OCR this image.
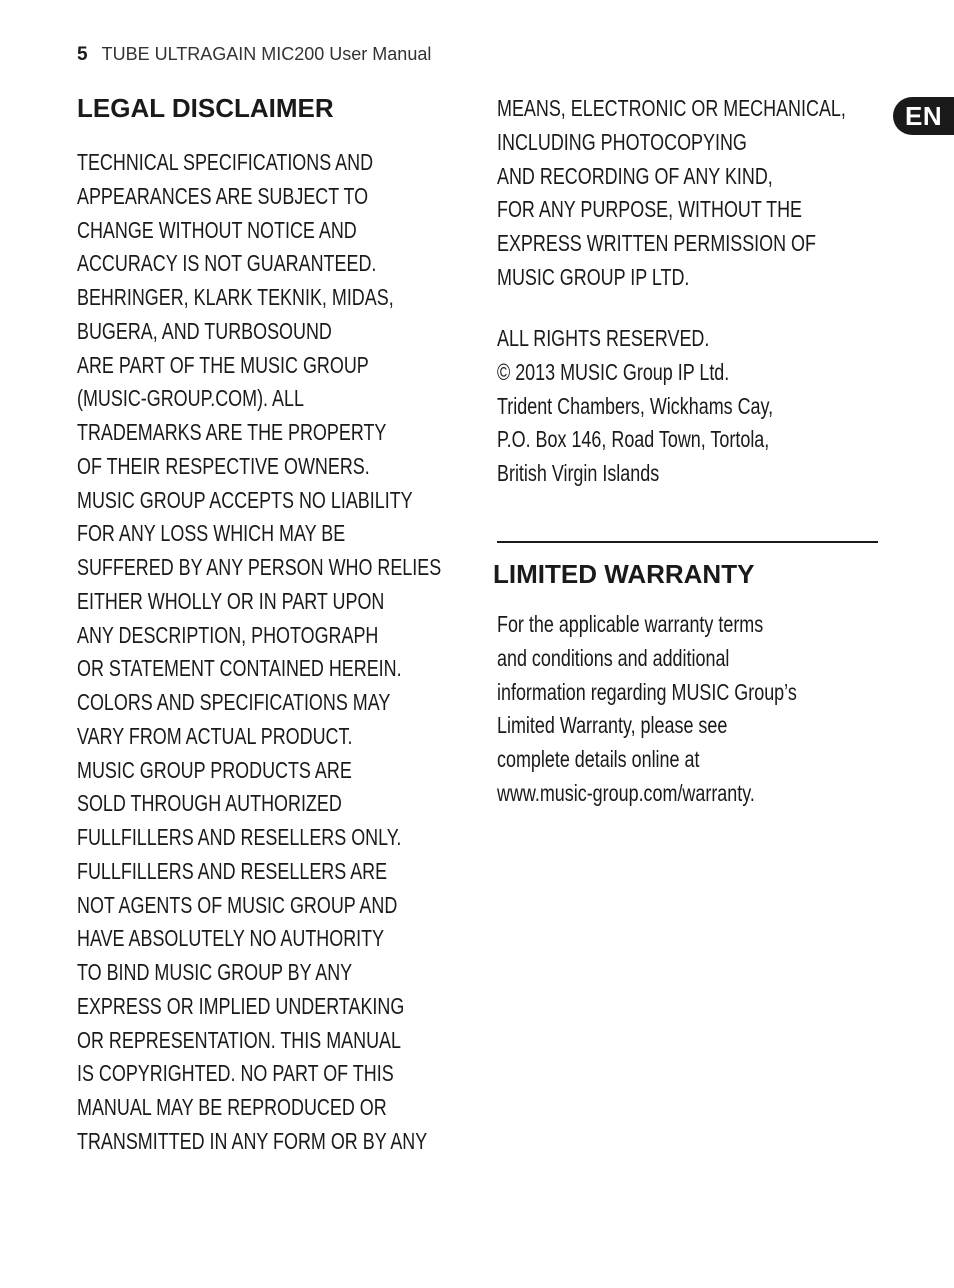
5 TUBE ULTRAGAIN MIC200 User Manual
EN
LEGAL DISCLAIMER
TECHNICAL SPECIFICATIONS AND
APPEARANCES ARE SUBJECT TO
CHANGE WITHOUT NOTICE AND
ACCURACY IS NOT GUARANTEED.
BEHRINGER, KLARK TEKNIK, MIDAS,
BUGERA, AND TURBOSOUND
ARE PART OF THE MUSIC GROUP
(MUSIC-GROUP.COM). ALL
TRADEMARKS ARE THE PROPERTY
OF THEIR RESPECTIVE OWNERS.
MUSIC GROUP ACCEPTS NO LIABILITY
FOR ANY LOSS WHICH MAY BE
SUFFERED BY ANY PERSON WHO RELIES
EITHER WHOLLY OR IN PART UPON
ANY DESCRIPTION, PHOTOGRAPH
OR STATEMENT CONTAINED HEREIN.
COLORS AND SPECIFICATIONS MAY
VARY FROM ACTUAL PRODUCT.
MUSIC GROUP PRODUCTS ARE
SOLD THROUGH AUTHORIZED
FULLFILLERS AND RESELLERS ONLY.
FULLFILLERS AND RESELLERS ARE
NOT AGENTS OF MUSIC GROUP AND
HAVE ABSOLUTELY NO AUTHORITY
TO BIND MUSIC GROUP BY ANY
EXPRESS OR IMPLIED UNDERTAKING
OR REPRESENTATION. THIS MANUAL
IS COPYRIGHTED. NO PART OF THIS
MANUAL MAY BE REPRODUCED OR
TRANSMITTED IN ANY FORM OR BY ANY
MEANS, ELECTRONIC OR MECHANICAL,
INCLUDING PHOTOCOPYING
AND RECORDING OF ANY KIND,
FOR ANY PURPOSE, WITHOUT THE
EXPRESS WRITTEN PERMISSION OF
MUSIC GROUP IP LTD.
ALL RIGHTS RESERVED.
© 2013 MUSIC Group IP Ltd.
Trident Chambers, Wickhams Cay,
P.O. Box 146, Road Town, Tortola,
British Virgin Islands
LIMITED WARRANTY
For the applicable warranty terms
and conditions and additional
information regarding MUSIC Group’s
Limited Warranty, please see
complete details online at
www.music-group.com/warranty.
